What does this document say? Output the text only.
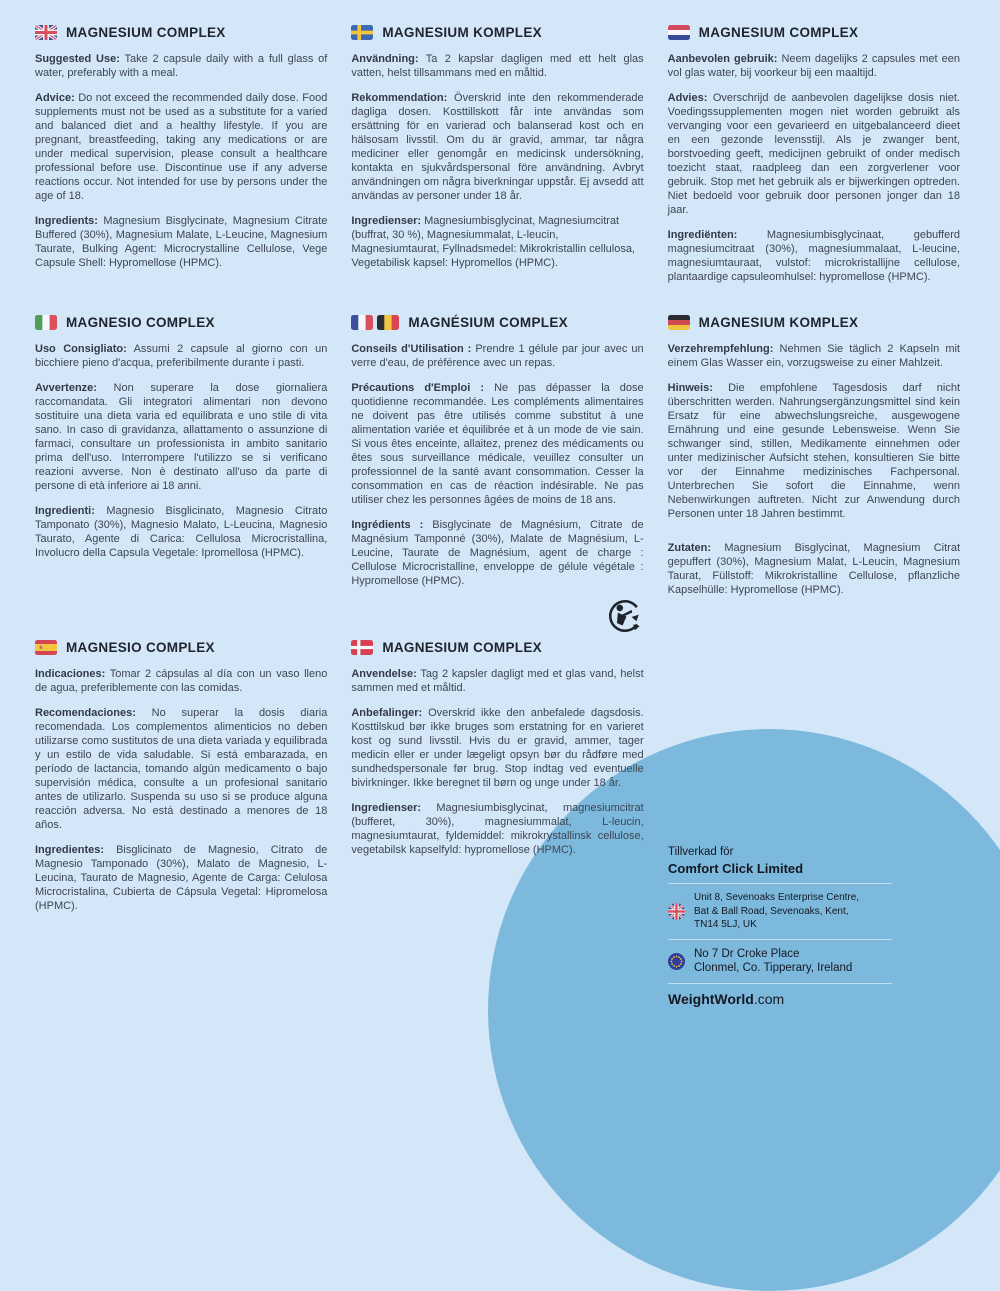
MAGNESIUM COMPLEX

Suggested Use: Take 2 capsule daily with a full glass of water, preferably with a meal.

Advice: Do not exceed the recommended daily dose. Food supplements must not be used as a substitute for a varied and balanced diet and a healthy lifestyle. If you are pregnant, breastfeeding, taking any medications or are under medical supervision, please consult a healthcare professional before use. Discontinue use if any adverse reactions occur. Not intended for use by persons under the age of 18.

Ingredients: Magnesium Bisglycinate, Magnesium Citrate Buffered (30%), Magnesium Malate, L-Leucine, Magnesium Taurate, Bulking Agent: Microcrystalline Cellulose, Vege Capsule Shell: Hypromellose (HPMC).

MAGNESIUM KOMPLEX

Användning: Ta 2 kapslar dagligen med ett helt glas vatten, helst tillsammans med en måltid.

Rekommendation: Överskrid inte den rekommenderade dagliga dosen. Kosttillskott får inte användas som ersättning för en varierad och balanserad kost och en hälsosam livsstil. Om du är gravid, ammar, tar några mediciner eller genomgår en medicinsk undersökning, kontakta en sjukvårdspersonal före användning. Avbryt användningen om några biverkningar uppstår. Ej avsedd att användas av personer under 18 år.

Ingredienser: Magnesiumbisglycinat, Magnesiumcitrat (buffrat, 30 %), Magnesiummalat, L-leucin, Magnesiumtaurat, Fyllnadsmedel: Mikrokristallin cellulosa, Vegetabilisk kapsel: Hypromellos (HPMC).

MAGNESIUM COMPLEX

Aanbevolen gebruik: Neem dagelijks 2 capsules met een vol glas water, bij voorkeur bij een maaltijd.

Advies: Overschrijd de aanbevolen dagelijkse dosis niet. Voedingssupplementen mogen niet worden gebruikt als vervanging voor een gevarieerd en uitgebalanceerd dieet en een gezonde levensstijl. Als je zwanger bent, borstvoeding geeft, medicijnen gebruikt of onder medisch toezicht staat, raadpleeg dan een zorgverlener voor gebruik. Stop met het gebruik als er bijwerkingen optreden. Niet bedoeld voor gebruik door personen jonger dan 18 jaar.

Ingrediënten: Magnesiumbisglycinaat, gebufferd magnesiumcitraat (30%), magnesiummalaat, L-leucine, magnesiumtauraat, vulstof: microkristallijne cellulose, plantaardige capsuleomhulsel: hypromellose (HPMC).

MAGNESIO COMPLEX

Uso Consigliato: Assumi 2 capsule al giorno con un bicchiere pieno d'acqua, preferibilmente durante i pasti.

Avvertenze: Non superare la dose giornaliera raccomandata. Gli integratori alimentari non devono sostituire una dieta varia ed equilibrata e uno stile di vita sano. In caso di gravidanza, allattamento o assunzione di farmaci, consultare un professionista in ambito sanitario prima dell'uso. Interrompere l'utilizzo se si verificano reazioni avverse. Non è destinato all'uso da parte di persone di età inferiore ai 18 anni.

Ingredienti: Magnesio Bisglicinato, Magnesio Citrato Tamponato (30%), Magnesio Malato, L-Leucina, Magnesio Taurato, Agente di Carica: Cellulosa Microcristallina, Involucro della Capsula Vegetale: Ipromellosa (HPMC).

MAGNÉSIUM COMPLEX

Conseils d'Utilisation : Prendre 1 gélule par jour avec un verre d'eau, de préférence avec un repas.

Précautions d'Emploi : Ne pas dépasser la dose quotidienne recommandée. Les compléments alimentaires ne doivent pas être utilisés comme substitut à une alimentation variée et équilibrée et à un mode de vie sain. Si vous êtes enceinte, allaitez, prenez des médicaments ou êtes sous surveillance médicale, veuillez consulter un professionnel de la santé avant consommation. Cesser la consommation en cas de réaction indésirable. Ne pas utiliser chez les personnes âgées de moins de 18 ans.

Ingrédients : Bisglycinate de Magnésium, Citrate de Magnésium Tamponné (30%), Malate de Magnésium, L-Leucine, Taurate de Magnésium, agent de charge : Cellulose Microcristalline, enveloppe de gélule végétale : Hypromellose (HPMC).

MAGNESIUM KOMPLEX

Verzehrempfehlung: Nehmen Sie täglich 2 Kapseln mit einem Glas Wasser ein, vorzugsweise zu einer Mahlzeit.

Hinweis: Die empfohlene Tagesdosis darf nicht überschritten werden. Nahrungsergänzungsmittel sind kein Ersatz für eine abwechslungsreiche, ausgewogene Ernährung und eine gesunde Lebensweise. Wenn Sie schwanger sind, stillen, Medikamente einnehmen oder unter medizinischer Aufsicht stehen, konsultieren Sie bitte vor der Einnahme medizinisches Fachpersonal. Unterbrechen Sie sofort die Einnahme, wenn Nebenwirkungen auftreten. Nicht zur Anwendung durch Personen unter 18 Jahren bestimmt.

Zutaten: Magnesium Bisglycinat, Magnesium Citrat gepuffert (30%), Magnesium Malat, L-Leucin, Magnesium Taurat, Füllstoff: Mikrokristalline Cellulose, pflanzliche Kapselhülle: Hypromellose (HPMC).

MAGNESIO COMPLEX

Indicaciones: Tomar 2 cápsulas al día con un vaso lleno de agua, preferiblemente con las comidas.

Recomendaciones: No superar la dosis diaria recomendada. Los complementos alimenticios no deben utilizarse como sustitutos de una dieta variada y equilibrada y un estilo de vida saludable. Si está embarazada, en período de lactancia, tomando algún medicamento o bajo supervisión médica, consulte a un profesional sanitario antes de utilizarlo. Suspenda su uso si se produce alguna reacción adversa. No está destinado a menores de 18 años.

Ingredientes: Bisglicinato de Magnesio, Citrato de Magnesio Tamponado (30%), Malato de Magnesio, L-Leucina, Taurato de Magnesio, Agente de Carga: Celulosa Microcristalina, Cubierta de Cápsula Vegetal: Hipromelosa (HPMC).

MAGNESIUM COMPLEX

Anvendelse: Tag 2 kapsler dagligt med et glas vand, helst sammen med et måltid.

Anbefalinger: Overskrid ikke den anbefalede dagsdosis. Kosttilskud bør ikke bruges som erstatning for en varieret kost og sund livsstil. Hvis du er gravid, ammer, tager medicin eller er under lægeligt opsyn bør du rådføre med sundhedspersonale før brug. Stop indtag ved eventuelle bivirkninger. Ikke beregnet til børn og unge under 18 år.

Ingredienser: Magnesiumbisglycinat, magnesiumcitrat (bufferet, 30%), magnesiummalat, L-leucin, magnesiumtaurat, fyldemiddel: mikrokrystallinsk cellulose, vegetabilsk kapselfyld: hypromellose (HPMC).	Tillverkad för

Comfort Click Limited

Unit 8, Sevenoaks Enterprise Centre,
Bat & Ball Road, Sevenoaks, Kent,
TN14 5LJ, UK
No 7 Dr Croke Place
Clonmel, Co. Tipperary, Ireland

WeightWorld.com
